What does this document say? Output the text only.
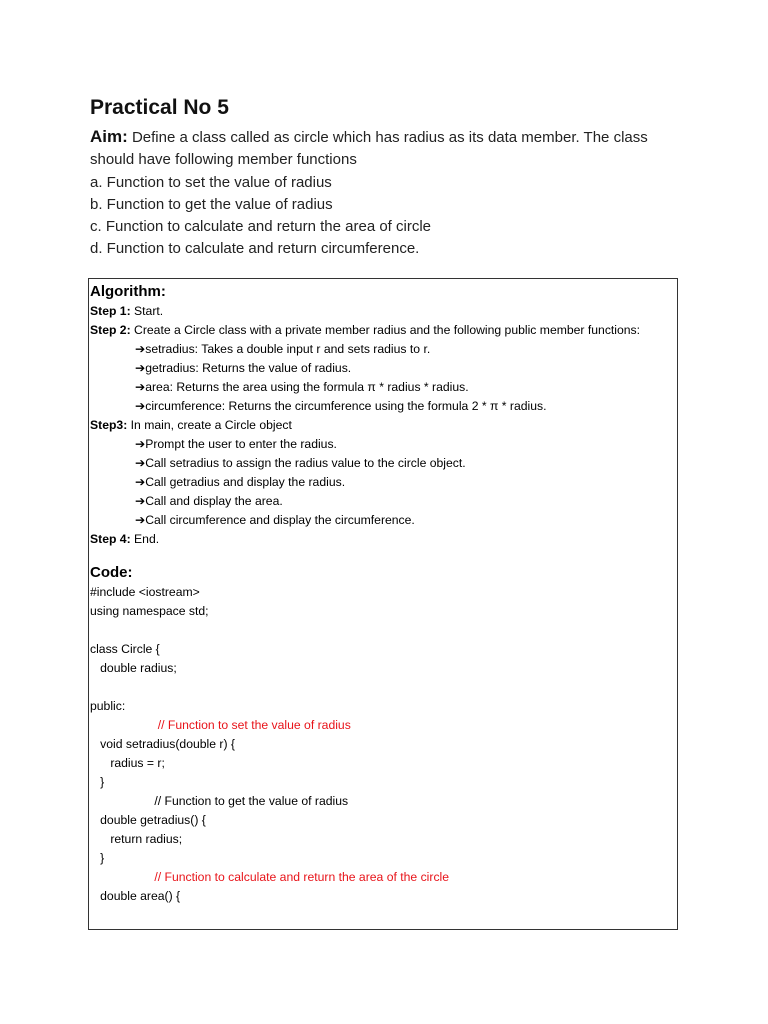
Practical No 5
Aim: Define a class called as circle which has radius as its data member. The class should have following member functions
a. Function to set the value of radius
b. Function to get the value of radius
c. Function to calculate and return the area of circle
d. Function to calculate and return circumference.
Algorithm:
Step 1: Start.
Step 2: Create a Circle class with a private member radius and the following public member functions:
➔setradius: Takes a double input r and sets radius to r.
➔getradius: Returns the value of radius.
➔area: Returns the area using the formula π * radius * radius.
➔circumference: Returns the circumference using the formula 2 * π * radius.
Step3: In main, create a Circle object
➔Prompt the user to enter the radius.
➔Call setradius to assign the radius value to the circle object.
➔Call getradius and display the radius.
➔Call and display the area.
➔Call circumference and display the circumference.
Step 4: End.
Code:
#include <iostream>
using namespace std;
class Circle {
double radius;
public:
// Function to set the value of radius
void setradius(double r) {
radius = r;
}
// Function to get the value of radius
double getradius() {
return radius;
}
// Function to calculate and return the area of the circle
double area() {
